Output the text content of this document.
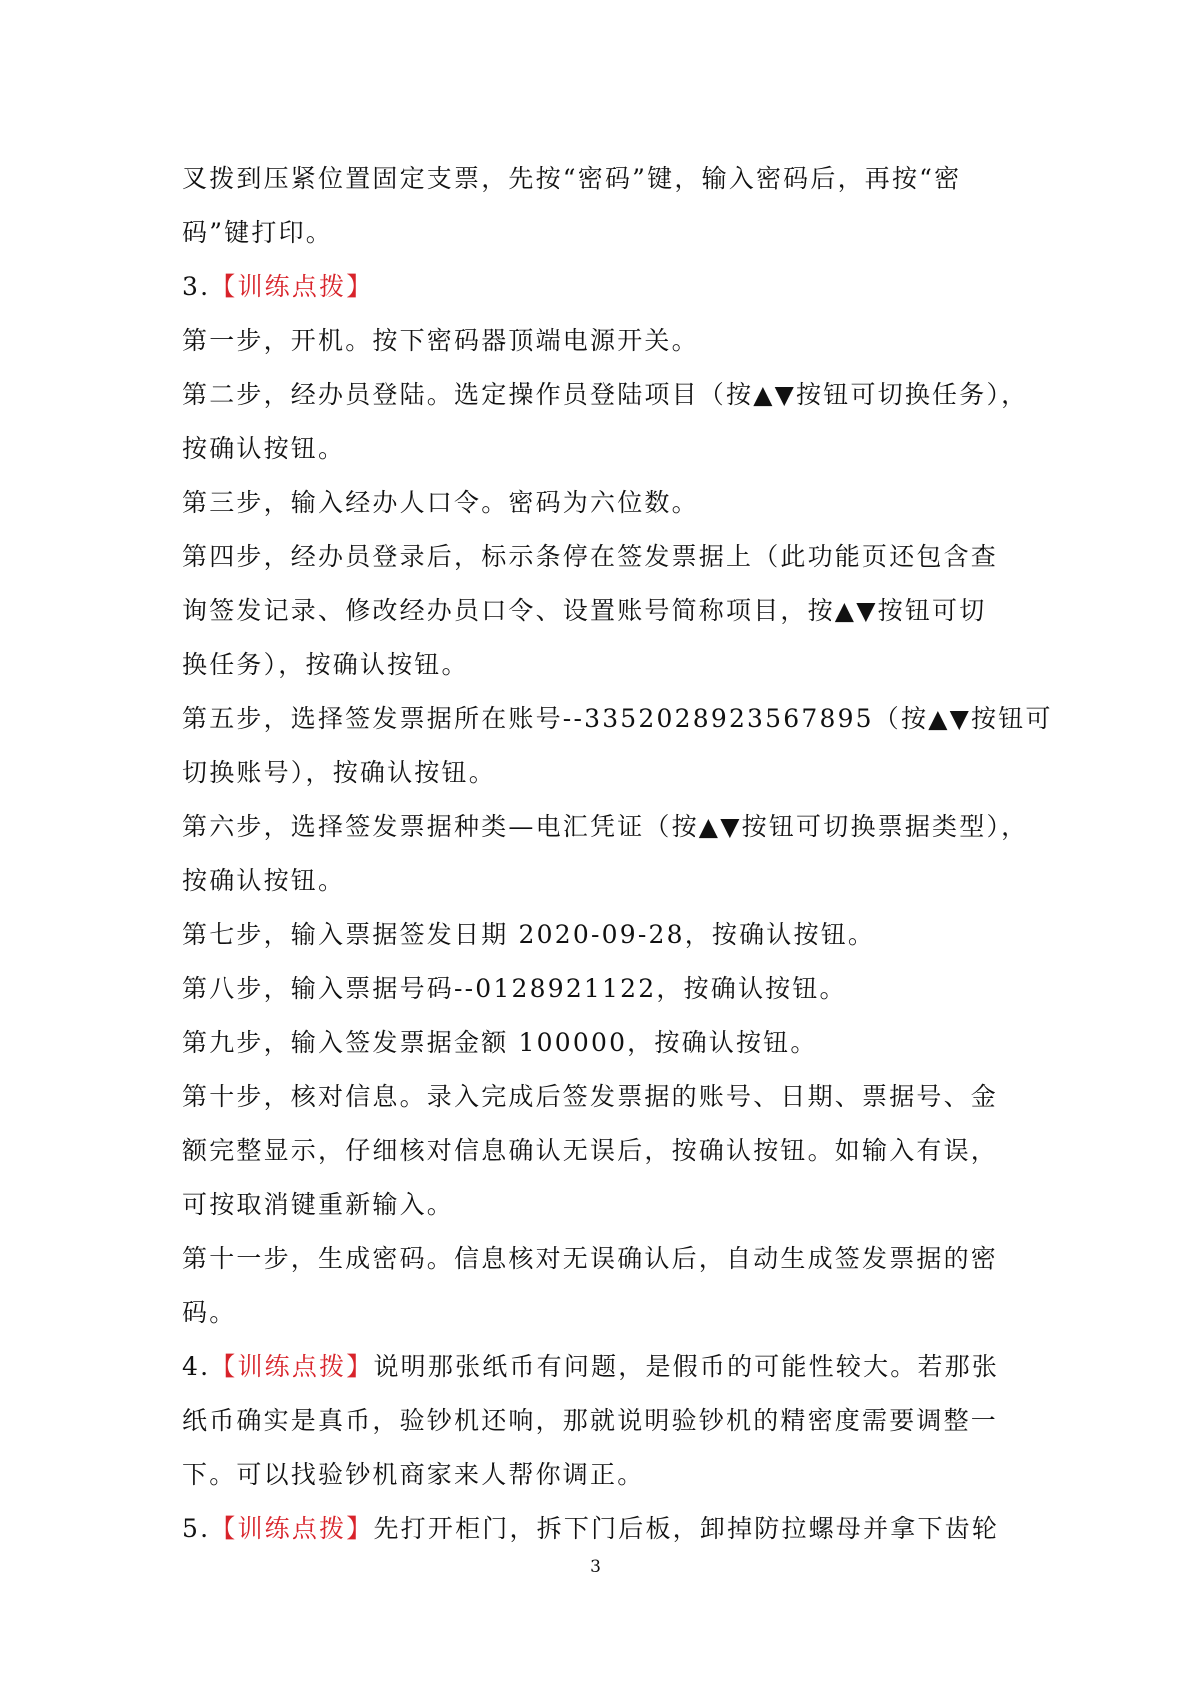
叉拨到压紧位置固定支票，先按“密码”键，输入密码后，再按“密
码”键打印。
3.【训练点拨】
第一步，开机。按下密码器顶端电源开关。
第二步，经办员登陆。选定操作员登陆项目（按▲▼按钮可切换任务），
按确认按钮。
第三步，输入经办人口令。密码为六位数。
第四步，经办员登录后，标示条停在签发票据上（此功能页还包含查
询签发记录、修改经办员口令、设置账号简称项目，按▲▼按钮可切
换任务），按确认按钮。
第五步，选择签发票据所在账号--3352028923567895（按▲▼按钮可
切换账号），按确认按钮。
第六步，选择签发票据种类—电汇凭证（按▲▼按钮可切换票据类型），
按确认按钮。
第七步，输入票据签发日期 2020-09-28，按确认按钮。
第八步，输入票据号码--0128921122，按确认按钮。
第九步，输入签发票据金额 100000，按确认按钮。
第十步，核对信息。录入完成后签发票据的账号、日期、票据号、金
额完整显示，仔细核对信息确认无误后，按确认按钮。如输入有误，
可按取消键重新输入。
第十一步，生成密码。信息核对无误确认后，自动生成签发票据的密
码。
4.【训练点拨】说明那张纸币有问题，是假币的可能性较大。若那张
纸币确实是真币，验钞机还响，那就说明验钞机的精密度需要调整一
下。可以找验钞机商家来人帮你调正。
5.【训练点拨】先打开柜门，拆下门后板，卸掉防拉螺母并拿下齿轮
3
